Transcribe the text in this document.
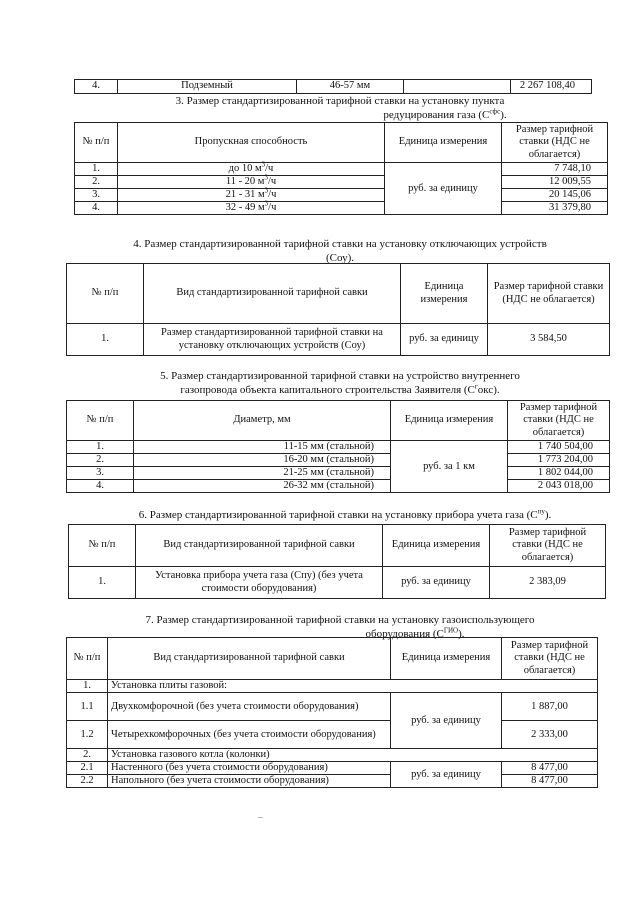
4.	Подземный	46-57 мм		2 267 108,40
3. Размер стандартизированной тарифной ставки на установку пункта
редуцирования газа $(С^{сфс})$.
№ п/п	Пропускная способность	Единица измерения	Размер тарифной ставки (НДС не облагается)
1.	до 10 $м^3/ч$	руб. за единицу	7 748,10
2.	11 - 20 $м^3/ч$		12 009,55
3.	21 - 31 $м^3/ч$		20 145,06
4.	32 - 49 $м^3/ч$		31 379,80
4. Размер стандартизированной тарифной ставки на установку отключающих устройств
(Соу).
№ п/п	Вид стандартизированной тарифной савки	Единица измерения	Размер тарифной ставки (НДС не облагается)
1.	Размер стандартизированной тарифной ставки на установку отключающих устройств (Соу)	руб. за единицу	3 584,50
5. Размер стандартизированной тарифной ставки на устройство внутреннего
газопровода объекта капитального строительства Заявителя $(С^гокс)$.
№ п/п	Диаметр, мм	Единица измерения	Размер тарифной ставки (НДС не облагается)
1.	11-15 мм (стальной)	руб. за 1 км	1 740 504,00
2.	16-20 мм (стальной)		1 773 204,00
3.	21-25 мм (стальной)		1 802 044,00
4.	26-32 мм (стальной)		2 043 018,00
6. Размер стандартизированной тарифной ставки на установку прибора учета газа $(С^{пу})$.
№ п/п	Вид стандартизированной тарифной савки	Единица измерения	Размер тарифной ставки (НДС не облагается)
1.	Установка прибора учета газа (Спу) (без учета стоимости оборудования)	руб. за единицу	2 383,09
7. Размер стандартизированной тарифной ставки на установку газоиспользующего
оборудования $(С^{ГИО})$.
№ п/п	Вид стандартизированной тарифной савки	Единица измерения	Размер тарифной ставки (НДС не облагается)
1.	Установка плиты газовой:		
1.1	Двухкомфорочной (без учета стоимости оборудования)	руб. за единицу	1 887,00
1.2	Четырехкомфорочных (без учета стоимости оборудования)		2 333,00
2.	Установка газового котла (колонки)		
2.1	Настенного (без учета стоимости оборудования)	руб. за единицу	8 477,00
2.2	Напольного (без учета стоимости оборудования)		8 477,00
–
